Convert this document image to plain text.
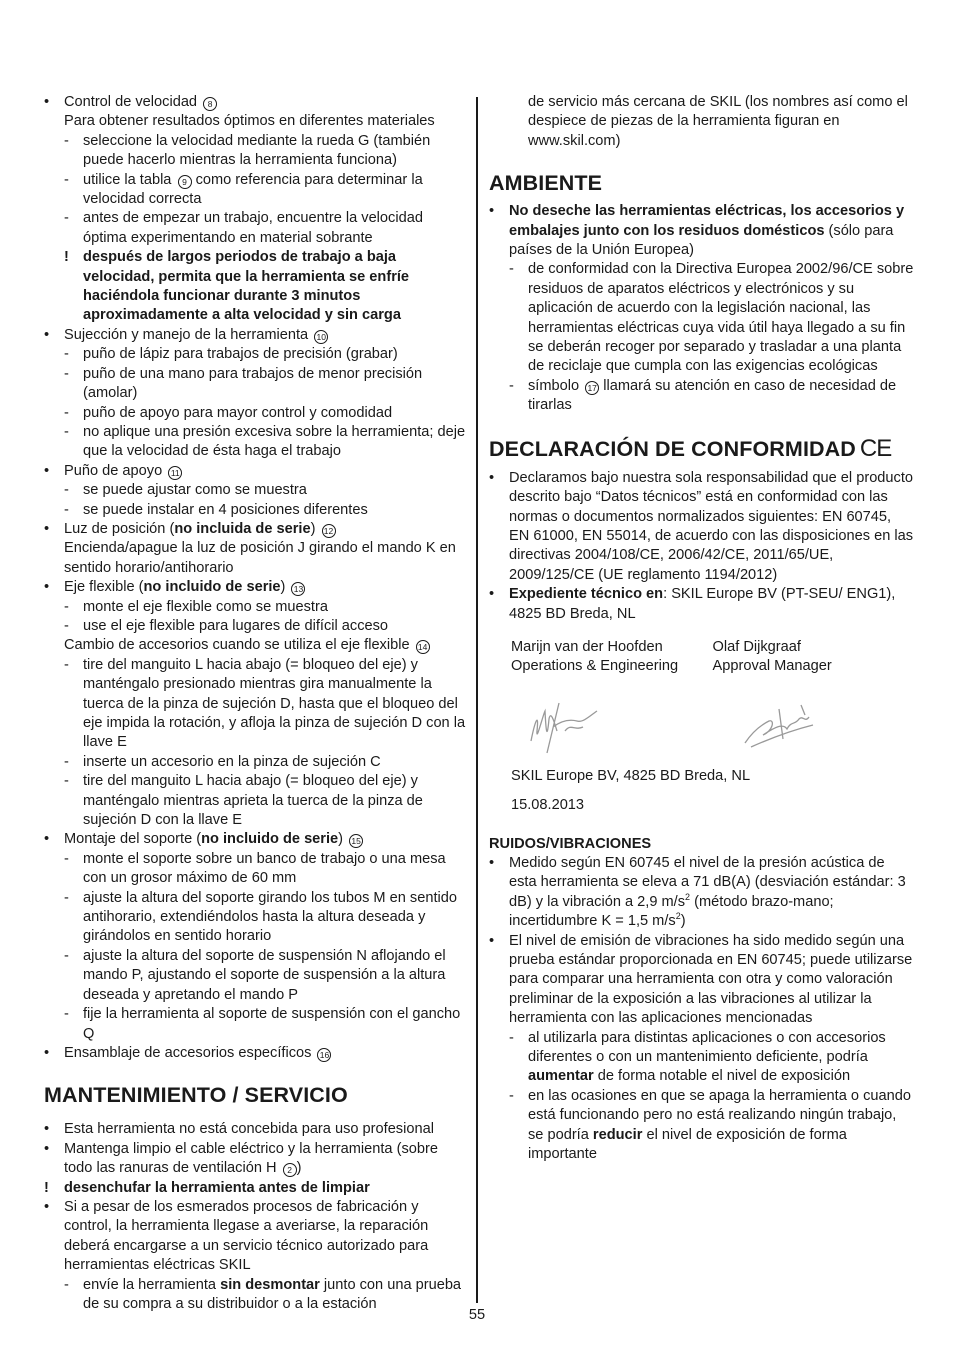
• Control de velocidad 8
Para obtener resultados óptimos en diferentes materiales
- seleccione la velocidad mediante la rueda G (también puede hacerlo mientras la herramienta funciona)
- utilice la tabla 9 como referencia para determinar la velocidad correcta
- antes de empezar un trabajo, encuentre la velocidad óptima experimentando en material sobrante
! después de largos periodos de trabajo a baja velocidad, permita que la herramienta se enfríe haciéndola funcionar durante 3 minutos aproximadamente a alta velocidad y sin carga
• Sujección y manejo de la herramienta 10
- puño de lápiz para trabajos de precisión (grabar)
- puño de una mano para trabajos de menor precisión (amolar)
- puño de apoyo para mayor control y comodidad
- no aplique una presión excesiva sobre la herramienta; deje que la velocidad de ésta haga el trabajo
• Puño de apoyo 11
- se puede ajustar como se muestra
- se puede instalar en 4 posiciones diferentes
• Luz de posición (no incluida de serie) 12
Encienda/apague la luz de posición J girando el mando K en sentido horario/antihorario
• Eje flexible (no incluido de serie) 13
- monte el eje flexible como se muestra
- use el eje flexible para lugares de difícil acceso
Cambio de accesorios cuando se utiliza el eje flexible 14
- tire del manguito L hacia abajo (= bloqueo del eje) y manténgalo presionado mientras gira manualmente la tuerca de la pinza de sujeción D, hasta que el bloqueo del eje impida la rotación, y afloja la pinza de sujeción D con la llave E
- inserte un accesorio en la pinza de sujeción C
- tire del manguito L hacia abajo (= bloqueo del eje) y manténgalo mientras aprieta la tuerca de la pinza de sujeción D con la llave E
• Montaje del soporte (no incluido de serie) 15
- monte el soporte sobre un banco de trabajo o una mesa con un grosor máximo de 60 mm
- ajuste la altura del soporte girando los tubos M en sentido antihorario, extendiéndolos hasta la altura deseada y girándolos en sentido horario
- ajuste la altura del soporte de suspensión N aflojando el mando P, ajustando el soporte de suspensión a la altura deseada y apretando el mando P
- fije la herramienta al soporte de suspensión con el gancho Q
• Ensamblaje de accesorios específicos 16
MANTENIMIENTO / SERVICIO
• Esta herramienta no está concebida para uso profesional
• Mantenga limpio el cable eléctrico y la herramienta (sobre todo las ranuras de ventilación H 2 )
! desenchufar la herramienta antes de limpiar
• Si a pesar de los esmerados procesos de fabricación y control, la herramienta llegase a averiarse, la reparación deberá encargarse a un servicio técnico autorizado para herramientas eléctricas SKIL
- envíe la herramienta sin desmontar junto con una prueba de su compra a su distribuidor o a la estación
de servicio más cercana de SKIL (los nombres así como el despiece de piezas de la herramienta figuran en www.skil.com)
AMBIENTE
• No deseche las herramientas eléctricas, los accesorios y embalajes junto con los residuos domésticos (sólo para países de la Unión Europea)
- de conformidad con la Directiva Europea 2002/96/CE sobre residuos de aparatos eléctricos y electrónicos y su aplicación de acuerdo con la legislación nacional, las herramientas eléctricas cuya vida útil haya llegado a su fin se deberán recoger por separado y trasladar a una planta de reciclaje que cumpla con las exigencias ecológicas
- símbolo 17 llamará su atención en caso de necesidad de tirarlas
DECLARACIÓN DE CONFORMIDAD CE
• Declaramos bajo nuestra sola responsabilidad que el producto descrito bajo “Datos técnicos” está en conformidad con las normas o documentos normalizados siguientes: EN 60745, EN 61000, EN 55014, de acuerdo con las disposiciones en las directivas 2004/108/CE, 2006/42/CE, 2011/65/UE, 2009/125/CE (UE reglamento 1194/2012)
• Expediente técnico en: SKIL Europe BV (PT-SEU/ ENG1), 4825 BD Breda, NL
Marijn van der Hoofden
Operations & Engineering
Olaf Dijkgraaf
Approval Manager
SKIL Europe BV, 4825 BD Breda, NL
15.08.2013
RUIDOS/VIBRACIONES
• Medido según EN 60745 el nivel de la presión acústica de esta herramienta se eleva a 71 dB(A) (desviación estándar: 3 dB) y la vibración a 2,9 $m/s^2$ (método brazo-mano; incertidumbre K = 1,5 $m/s^2$)
• El nivel de emisión de vibraciones ha sido medido según una prueba estándar proporcionada en EN 60745; puede utilizarse para comparar una herramienta con otra y como valoración preliminar de la exposición a las vibraciones al utilizar la herramienta con las aplicaciones mencionadas
- al utilizarla para distintas aplicaciones o con accesorios diferentes o con un mantenimiento deficiente, podría aumentar de forma notable el nivel de exposición
- en las ocasiones en que se apaga la herramienta o cuando está funcionando pero no está realizando ningún trabajo, se podría reducir el nivel de exposición de forma importante
55
